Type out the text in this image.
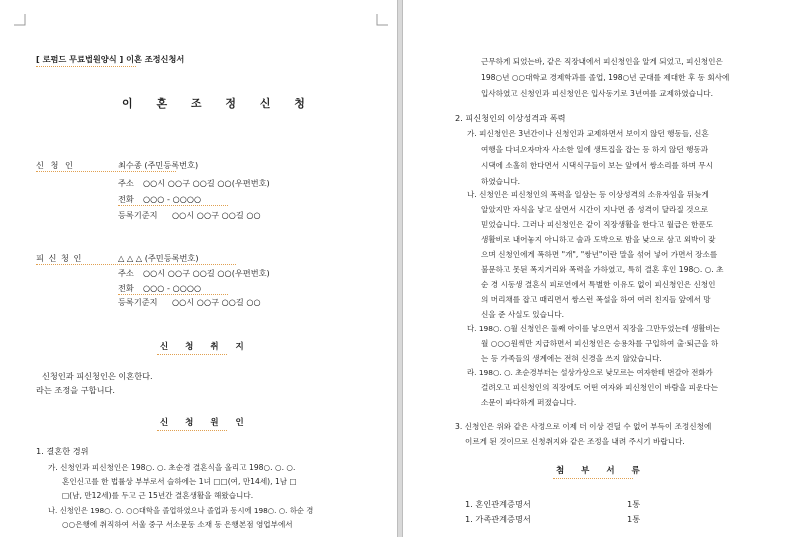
[ 로펌드 무료법원양식 ] 이혼 조정신청서
이 혼 조 정 신 청
신 청 인	최수종 (주민등록번호)
주소 ○○시 ○○구 ○○길 ○○(우편번호)
전화 ○○○ - ○○○○
등록기준지 ○○시 ○○구 ○○길 ○○
피 신 청 인	△ △ △ (주민등록번호)
주소 ○○시 ○○구 ○○길 ○○(우편번호)
전화 ○○○ - ○○○○
등록기준지 ○○시 ○○구 ○○길 ○○
신 청 취 지
신청인과 피신청인은 이혼한다.
라는 조정을 구합니다.
신 청 원 인
1. 결혼한 경위
가. 신청인과 피신청인은 198○. ○. 초순경 결혼식을 올리고 198○. ○. ○.
혼인신고를 한 법률상 부부로서 슬하에는 1녀 □□(여, 만14세), 1남 □
□(남, 만12세)를 두고 근 15년간 결혼생활을 해왔습니다.
나. 신청인은 198○. ○. ○○대학을 졸업하였으나 졸업과 동시에 198○. ○. 하순 경
○○은행에 취직하여 서울 중구 서소문동 소재 동 은행본점 영업부에서
근무하게 되었는바, 같은 직장내에서 피신청인을 알게 되었고, 피신청인은
198○년 ○○대학교 경제학과를 졸업, 198○년 군대를 제대한 후 동 회사에
입사하였고 신청인과 피신청인은 입사동기로 3년여를 교제하였습니다.
2. 피신청인의 이상성격과 폭력
가. 피신청인은 3년간이나 신청인과 교제하면서 보이지 않던 행동들, 신혼
여행을 다녀오자마자 사소한 일에 생트집을 잡는 등 하지 않던 행동과
시댁에 소홀히 한다면서 시댁식구들이 보는 앞에서 쌍소리를 하며 무시
하였습니다.
나. 신청인은 피신청인의 폭력을 일삼는 등 이상성격의 소유자임을 뒤늦게
알았지만 자식을 낳고 살면서 시간이 지나면 좀 성격이 달라질 것으로
믿었습니다. 그러나 피신청인은 같이 직장생활을 한다고 월급은 한푼도
생활비로 내어놓지 아니하고 술과 도박으로 밤을 낮으로 삼고 외박이 잦
으며 신청인에게 폭하면 "개", "쌍년"이란 말을 섞어 넣어 가면서 장소를
불문하고 못된 폭지거리와 폭력을 가하였고, 특히 결혼 후인 198○. ○. 초
순 경 시동생 결혼식 피로연에서 특별한 이유도 없이 피신청인은 신청인
의 머리채를 잡고 때리면서 쌍스런 폭설을 하여 여러 친지들 앞에서 망
신을 준 사실도 있습니다.
다. 198○. ○월 신청인은 둘째 아이를 낳으면서 직장을 그만두었는데 생활비는
월 ○○○원씩만 지급하면서 피신청인은 승용차를 구입하여 출·퇴근을 하
는 등 가족들의 생계에는 전혀 신경을 쓰지 않았습니다.
라. 198○. ○. 초순경부터는 설상가상으로 낮모르는 여자한테 번갈아 전화가
걸려오고 피신청인의 직장에도 어떤 여자와 피신청인이 바람을 피운다는
소문이 파다하게 퍼졌습니다.
3. 신청인은 위와 같은 사정으로 이제 더 이상 견딜 수 없어 부득이 조정신청에
이르게 된 것이므로 신청취지와 같은 조정을 내려 주시기 바랍니다.
첨 부 서 류
1. 혼인관계증명서	1통
1. 가족관계증명서	1통
